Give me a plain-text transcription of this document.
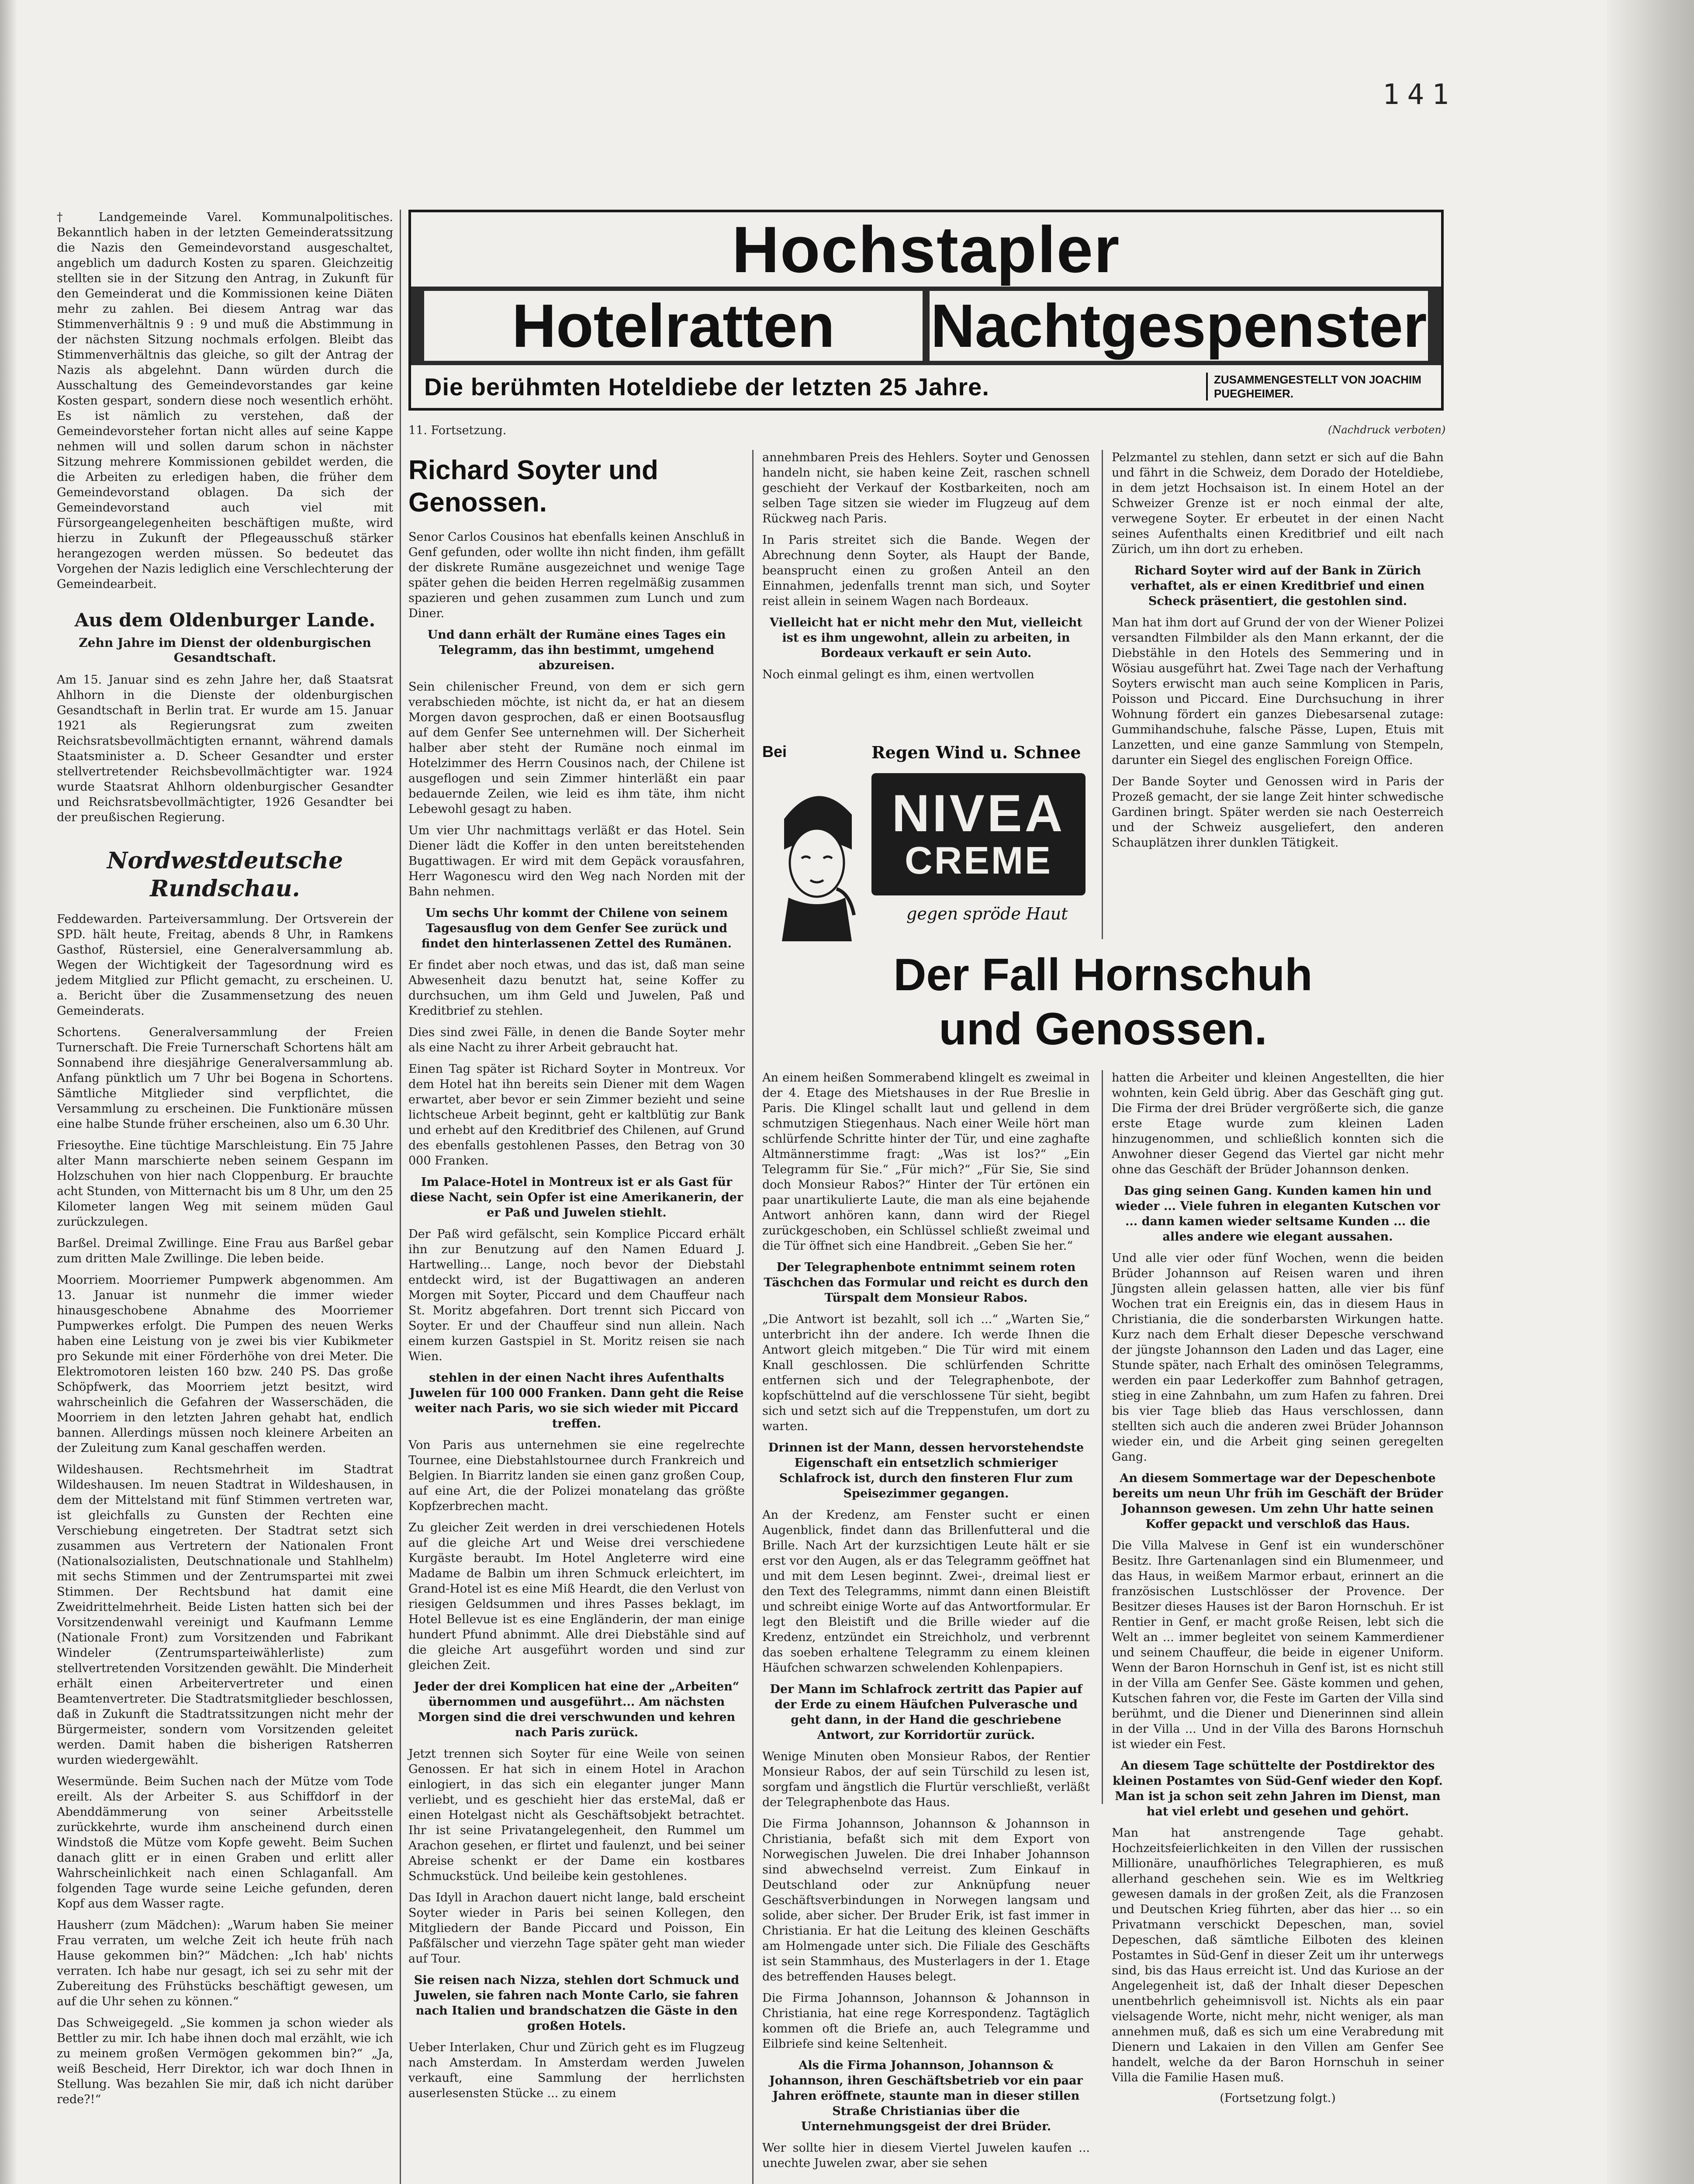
141

† Landgemeinde Varel. Kommunalpolitisches. Bekanntlich haben in der letzten Gemeinderatssitzung die Nazis den Gemeindevorstand ausgeschaltet, angeblich um dadurch Kosten zu sparen. Gleichzeitig stellten sie in der Sitzung den Antrag, in Zukunft für den Gemeinderat und die Kommissionen keine Diäten mehr zu zahlen. Bei diesem Antrag war das Stimmenverhältnis 9 : 9 und muß die Abstimmung in der nächsten Sitzung nochmals erfolgen. Bleibt das Stimmenverhältnis das gleiche, so gilt der Antrag der Nazis als abgelehnt. Dann würden durch die Ausschaltung des Gemeindevorstandes gar keine Kosten gespart, sondern diese noch wesentlich erhöht. Es ist nämlich zu verstehen, daß der Gemeindevorsteher fortan nicht alles auf seine Kappe nehmen will und sollen darum schon in nächster Sitzung mehrere Kommissionen gebildet werden, die die Arbeiten zu erledigen haben, die früher dem Gemeindevorstand oblagen. Da sich der Gemeindevorstand auch viel mit Fürsorgeangelegenheiten beschäftigen mußte, wird hierzu in Zukunft der Pflegeausschuß stärker herangezogen werden müssen. So bedeutet das Vorgehen der Nazis lediglich eine Verschlechterung der Gemeindearbeit.

Aus dem Oldenburger Lande.
Zehn Jahre im Dienst der oldenburgischen Gesandtschaft.

Am 15. Januar sind es zehn Jahre her, daß Staatsrat Ahlhorn in die Dienste der oldenburgischen Gesandtschaft in Berlin trat. Er wurde am 15. Januar 1921 als Regierungsrat zum zweiten Reichsratsbevollmächtigten ernannt, während damals Staatsminister a. D. Scheer Gesandter und erster stellvertretender Reichsbevollmächtigter war. 1924 wurde Staatsrat Ahlhorn oldenburgischer Gesandter und Reichsratsbevollmächtigter, 1926 Gesandter bei der preußischen Regierung.

Nordwestdeutsche Rundschau.

Feddewarden. Parteiversammlung. Der Ortsverein der SPD. hält heute, Freitag, abends 8 Uhr, in Ramkens Gasthof, Rüstersiel, eine Generalversammlung ab. Wegen der Wichtigkeit der Tagesordnung wird es jedem Mitglied zur Pflicht gemacht, zu erscheinen. U. a. Bericht über die Zusammensetzung des neuen Gemeinderats.

Schortens. Generalversammlung der Freien Turnerschaft. Die Freie Turnerschaft Schortens hält am Sonnabend ihre diesjährige Generalversammlung ab. Anfang pünktlich um 7 Uhr bei Bogena in Schortens. Sämtliche Mitglieder sind verpflichtet, die Versammlung zu erscheinen. Die Funktionäre müssen eine halbe Stunde früher erscheinen, also um 6.30 Uhr.

Friesoythe. Eine tüchtige Marschleistung. Ein 75 Jahre alter Mann marschierte neben seinem Gespann im Holzschuhen von hier nach Cloppenburg. Er brauchte acht Stunden, von Mitternacht bis um 8 Uhr, um den 25 Kilometer langen Weg mit seinem müden Gaul zurückzulegen.

Barßel. Dreimal Zwillinge. Eine Frau aus Barßel gebar zum dritten Male Zwillinge. Die leben beide.

Moorriem. Moorriemer Pumpwerk abgenommen. Am 13. Januar ist nunmehr die immer wieder hinausgeschobene Abnahme des Moorriemer Pumpwerkes erfolgt. Die Pumpen des neuen Werks haben eine Leistung von je zwei bis vier Kubikmeter pro Sekunde mit einer Förderhöhe von drei Meter. Die Elektromotoren leisten 160 bzw. 240 PS. Das große Schöpfwerk, das Moorriem jetzt besitzt, wird wahrscheinlich die Gefahren der Wasserschäden, die Moorriem in den letzten Jahren gehabt hat, endlich bannen. Allerdings müssen noch kleinere Arbeiten an der Zuleitung zum Kanal geschaffen werden.

Wildeshausen. Rechtsmehrheit im Stadtrat Wildeshausen. Im neuen Stadtrat in Wildeshausen, in dem der Mittelstand mit fünf Stimmen vertreten war, ist gleichfalls zu Gunsten der Rechten eine Verschiebung eingetreten. Der Stadtrat setzt sich zusammen aus Vertretern der Nationalen Front (Nationalsozialisten, Deutschnationale und Stahlhelm) mit sechs Stimmen und der Zentrumspartei mit zwei Stimmen. Der Rechtsbund hat damit eine Zweidrittelmehrheit. Beide Listen hatten sich bei der Vorsitzendenwahl vereinigt und Kaufmann Lemme (Nationale Front) zum Vorsitzenden und Fabrikant Windeler (Zentrumsparteiwählerliste) zum stellvertretenden Vorsitzenden gewählt. Die Minderheit erhält einen Arbeitervertreter und einen Beamtenvertreter. Die Stadtratsmitglieder beschlossen, daß in Zukunft die Stadtratssitzungen nicht mehr der Bürgermeister, sondern vom Vorsitzenden geleitet werden. Damit haben die bisherigen Ratsherren wurden wiedergewählt.

Wesermünde. Beim Suchen nach der Mütze vom Tode ereilt. Als der Arbeiter S. aus Schiffdorf in der Abenddämmerung von seiner Arbeitsstelle zurückkehrte, wurde ihm anscheinend durch einen Windstoß die Mütze vom Kopfe geweht. Beim Suchen danach glitt er in einen Graben und erlitt aller Wahrscheinlichkeit nach einen Schlaganfall. Am folgenden Tage wurde seine Leiche gefunden, deren Kopf aus dem Wasser ragte.

Hausherr (zum Mädchen): „Warum haben Sie meiner Frau verraten, um welche Zeit ich heute früh nach Hause gekommen bin?“ Mädchen: „Ich hab' nichts verraten. Ich habe nur gesagt, ich sei zu sehr mit der Zubereitung des Frühstücks beschäftigt gewesen, um auf die Uhr sehen zu können.“

Das Schweigegeld. „Sie kommen ja schon wieder als Bettler zu mir. Ich habe ihnen doch mal erzählt, wie ich zu meinem großen Vermögen gekommen bin?“ „Ja, weiß Bescheid, Herr Direktor, ich war doch Ihnen in Stellung. Was bezahlen Sie mir, daß ich nicht darüber rede?!“

Hochstapler
Hotelratten Nachtgespenster
Die berühmten Hoteldiebe der letzten 25 Jahre.	ZUSAMMENGESTELLT VON JOACHIM PUEGHEIMER.
11. Fortsetzung.	(Nachdruck verboten)
Richard Soyter und Genossen.

Senor Carlos Cousinos hat ebenfalls keinen Anschluß in Genf gefunden, oder wollte ihn nicht finden, ihm gefällt der diskrete Rumäne ausgezeichnet und wenige Tage später gehen die beiden Herren regelmäßig zusammen spazieren und gehen zusammen zum Lunch und zum Diner.

Und dann erhält der Rumäne eines Tages ein Telegramm, das ihn bestimmt, umgehend abzureisen.

Sein chilenischer Freund, von dem er sich gern verabschieden möchte, ist nicht da, er hat an diesem Morgen davon gesprochen, daß er einen Bootsausflug auf dem Genfer See unternehmen will. Der Sicherheit halber aber steht der Rumäne noch einmal im Hotelzimmer des Herrn Cousinos nach, der Chilene ist ausgeflogen und sein Zimmer hinterläßt ein paar bedauernde Zeilen, wie leid es ihm täte, ihm nicht Lebewohl gesagt zu haben.

Um vier Uhr nachmittags verläßt er das Hotel. Sein Diener lädt die Koffer in den unten bereitstehenden Bugattiwagen. Er wird mit dem Gepäck vorausfahren, Herr Wagonescu wird den Weg nach Norden mit der Bahn nehmen.

Um sechs Uhr kommt der Chilene von seinem Tagesausflug von dem Genfer See zurück und findet den hinterlassenen Zettel des Rumänen.

Er findet aber noch etwas, und das ist, daß man seine Abwesenheit dazu benutzt hat, seine Koffer zu durchsuchen, um ihm Geld und Juwelen, Paß und Kreditbrief zu stehlen.

Dies sind zwei Fälle, in denen die Bande Soyter mehr als eine Nacht zu ihrer Arbeit gebraucht hat.

Einen Tag später ist Richard Soyter in Montreux. Vor dem Hotel hat ihn bereits sein Diener mit dem Wagen erwartet, aber bevor er sein Zimmer bezieht und seine lichtscheue Arbeit beginnt, geht er kaltblütig zur Bank und erhebt auf den Kreditbrief des Chilenen, auf Grund des ebenfalls gestohlenen Passes, den Betrag von 30 000 Franken.

Im Palace-Hotel in Montreux ist er als Gast für diese Nacht, sein Opfer ist eine Amerikanerin, der er Paß und Juwelen stiehlt.

Der Paß wird gefälscht, sein Komplice Piccard erhält ihn zur Benutzung auf den Namen Eduard J. Hartwelling... Lange, noch bevor der Diebstahl entdeckt wird, ist der Bugattiwagen an anderen Morgen mit Soyter, Piccard und dem Chauffeur nach St. Moritz abgefahren. Dort trennt sich Piccard von Soyter. Er und der Chauffeur sind nun allein. Nach einem kurzen Gastspiel in St. Moritz reisen sie nach Wien.

stehlen in der einen Nacht ihres Aufenthalts Juwelen für 100 000 Franken. Dann geht die Reise weiter nach Paris, wo sie sich wieder mit Piccard treffen.

Von Paris aus unternehmen sie eine regelrechte Tournee, eine Diebstahlstournee durch Frankreich und Belgien. In Biarritz landen sie einen ganz großen Coup, auf eine Art, die der Polizei monatelang das größte Kopfzerbrechen macht.

Zu gleicher Zeit werden in drei verschiedenen Hotels auf die gleiche Art und Weise drei verschiedene Kurgäste beraubt. Im Hotel Angleterre wird eine Madame de Balbin um ihren Schmuck erleichtert, im Grand-Hotel ist es eine Miß Heardt, die den Verlust von riesigen Geldsummen und ihres Passes beklagt, im Hotel Bellevue ist es eine Engländerin, der man einige hundert Pfund abnimmt. Alle drei Diebstähle sind auf die gleiche Art ausgeführt worden und sind zur gleichen Zeit.

Jeder der drei Komplicen hat eine der „Arbeiten“ übernommen und ausgeführt... Am nächsten Morgen sind die drei verschwunden und kehren nach Paris zurück.

Jetzt trennen sich Soyter für eine Weile von seinen Genossen. Er hat sich in einem Hotel in Arachon einlogiert, in das sich ein eleganter junger Mann verliebt, und es geschieht hier das ersteMal, daß er einen Hotelgast nicht als Geschäftsobjekt betrachtet. Ihr ist seine Privatangelegenheit, den Rummel um Arachon gesehen, er flirtet und faulenzt, und bei seiner Abreise schenkt er der Dame ein kostbares Schmuckstück. Und beileibe kein gestohlenes.

Das Idyll in Arachon dauert nicht lange, bald erscheint Soyter wieder in Paris bei seinen Kollegen, den Mitgliedern der Bande Piccard und Poisson, Ein Paßfälscher und vierzehn Tage später geht man wieder auf Tour.

Sie reisen nach Nizza, stehlen dort Schmuck und Juwelen, sie fahren nach Monte Carlo, sie fahren nach Italien und brandschatzen die Gäste in den großen Hotels.

Ueber Interlaken, Chur und Zürich geht es im Flugzeug nach Amsterdam. In Amsterdam werden Juwelen verkauft, eine Sammlung der herrlichsten auserlesensten Stücke ... zu einem

annehmbaren Preis des Hehlers. Soyter und Genossen handeln nicht, sie haben keine Zeit, raschen schnell geschieht der Verkauf der Kostbarkeiten, noch am selben Tage sitzen sie wieder im Flugzeug auf dem Rückweg nach Paris.

In Paris streitet sich die Bande. Wegen der Abrechnung denn Soyter, als Haupt der Bande, beansprucht einen zu großen Anteil an den Einnahmen, jedenfalls trennt man sich, und Soyter reist allein in seinem Wagen nach Bordeaux.

Vielleicht hat er nicht mehr den Mut, vielleicht ist es ihm ungewohnt, allein zu arbeiten, in Bordeaux verkauft er sein Auto.

Noch einmal gelingt es ihm, einen wertvollen

Bei	Regen Wind u. Schnee
NIVEA
CREME
gegen spröde Haut

Pelzmantel zu stehlen, dann setzt er sich auf die Bahn und fährt in die Schweiz, dem Dorado der Hoteldiebe, in dem jetzt Hochsaison ist. In einem Hotel an der Schweizer Grenze ist er noch einmal der alte, verwegene Soyter. Er erbeutet in der einen Nacht seines Aufenthalts einen Kreditbrief und eilt nach Zürich, um ihn dort zu erheben.

Richard Soyter wird auf der Bank in Zürich verhaftet, als er einen Kreditbrief und einen Scheck präsentiert, die gestohlen sind.

Man hat ihm dort auf Grund der von der Wiener Polizei versandten Filmbilder als den Mann erkannt, der die Diebstähle in den Hotels des Semmering und in Wösiau ausgeführt hat. Zwei Tage nach der Verhaftung Soyters erwischt man auch seine Komplicen in Paris, Poisson und Piccard. Eine Durchsuchung in ihrer Wohnung fördert ein ganzes Diebesarsenal zutage: Gummihandschuhe, falsche Pässe, Lupen, Etuis mit Lanzetten, und eine ganze Sammlung von Stempeln, darunter ein Siegel des englischen Foreign Office.

Der Bande Soyter und Genossen wird in Paris der Prozeß gemacht, der sie lange Zeit hinter schwedische Gardinen bringt. Später werden sie nach Oesterreich und der Schweiz ausgeliefert, den anderen Schauplätzen ihrer dunklen Tätigkeit.

Der Fall Hornschuh
und Genossen.

An einem heißen Sommerabend klingelt es zweimal in der 4. Etage des Mietshauses in der Rue Breslie in Paris. Die Klingel schallt laut und gellend in dem schmutzigen Stiegenhaus. Nach einer Weile hört man schlürfende Schritte hinter der Tür, und eine zaghafte Altmännerstimme fragt: „Was ist los?“ „Ein Telegramm für Sie.“ „Für mich?“ „Für Sie, Sie sind doch Monsieur Rabos?“ Hinter der Tür ertönen ein paar unartikulierte Laute, die man als eine bejahende Antwort anhören kann, dann wird der Riegel zurückgeschoben, ein Schlüssel schließt zweimal und die Tür öffnet sich eine Handbreit. „Geben Sie her.“

Der Telegraphenbote entnimmt seinem roten Täschchen das Formular und reicht es durch den Türspalt dem Monsieur Rabos.

„Die Antwort ist bezahlt, soll ich ...“ „Warten Sie,“ unterbricht ihn der andere. Ich werde Ihnen die Antwort gleich mitgeben.“ Die Tür wird mit einem Knall geschlossen. Die schlürfenden Schritte entfernen sich und der Telegraphenbote, der kopfschüttelnd auf die verschlossene Tür sieht, begibt sich und setzt sich auf die Treppenstufen, um dort zu warten.

Drinnen ist der Mann, dessen hervorstehendste Eigenschaft ein entsetzlich schmieriger Schlafrock ist, durch den finsteren Flur zum Speisezimmer gegangen.

An der Kredenz, am Fenster sucht er einen Augenblick, findet dann das Brillenfutteral und die Brille. Nach Art der kurzsichtigen Leute hält er sie erst vor den Augen, als er das Telegramm geöffnet hat und mit dem Lesen beginnt. Zwei-, dreimal liest er den Text des Telegramms, nimmt dann einen Bleistift und schreibt einige Worte auf das Antwortformular. Er legt den Bleistift und die Brille wieder auf die Kredenz, entzündet ein Streichholz, und verbrennt das soeben erhaltene Telegramm zu einem kleinen Häufchen schwarzen schwelenden Kohlenpapiers.

Der Mann im Schlafrock zertritt das Papier auf der Erde zu einem Häufchen Pulverasche und geht dann, in der Hand die geschriebene Antwort, zur Korridortür zurück.

Wenige Minuten oben Monsieur Rabos, der Rentier Monsieur Rabos, der auf sein Türschild zu lesen ist, sorgfam und ängstlich die Flurtür verschließt, verläßt der Telegraphenbote das Haus.

Die Firma Johannson, Johannson & Johannson in Christiania, befaßt sich mit dem Export von Norwegischen Juwelen. Die drei Inhaber Johannson sind abwechselnd verreist. Zum Einkauf in Deutschland oder zur Anknüpfung neuer Geschäftsverbindungen in Norwegen langsam und solide, aber sicher. Der Bruder Erik, ist fast immer in Christiania. Er hat die Leitung des kleinen Geschäfts am Holmengade unter sich. Die Filiale des Geschäfts ist sein Stammhaus, des Musterlagers in der 1. Etage des betreffenden Hauses belegt.

Die Firma Johannson, Johannson & Johannson in Christiania, hat eine rege Korrespondenz. Tagtäglich kommen oft die Briefe an, auch Telegramme und Eilbriefe sind keine Seltenheit.

Als die Firma Johannson, Johannson & Johannson, ihren Geschäftsbetrieb vor ein paar Jahren eröffnete, staunte man in dieser stillen Straße Christianias über die Unternehmungsgeist der drei Brüder.

Wer sollte hier in diesem Viertel Juwelen kaufen ... unechte Juwelen zwar, aber sie sehen

hatten die Arbeiter und kleinen Angestellten, die hier wohnten, kein Geld übrig. Aber das Geschäft ging gut. Die Firma der drei Brüder vergrößerte sich, die ganze erste Etage wurde zum kleinen Laden hinzugenommen, und schließlich konnten sich die Anwohner dieser Gegend das Viertel gar nicht mehr ohne das Geschäft der Brüder Johannson denken.

Das ging seinen Gang. Kunden kamen hin und wieder ... Viele fuhren in eleganten Kutschen vor ... dann kamen wieder seltsame Kunden ... die alles andere wie elegant aussahen.

Und alle vier oder fünf Wochen, wenn die beiden Brüder Johannson auf Reisen waren und ihren Jüngsten allein gelassen hatten, alle vier bis fünf Wochen trat ein Ereignis ein, das in diesem Haus in Christiania, die die sonderbarsten Wirkungen hatte. Kurz nach dem Erhalt dieser Depesche verschwand der jüngste Johannson den Laden und das Lager, eine Stunde später, nach Erhalt des ominösen Telegramms, werden ein paar Lederkoffer zum Bahnhof getragen, stieg in eine Zahnbahn, um zum Hafen zu fahren. Drei bis vier Tage blieb das Haus verschlossen, dann stellten sich auch die anderen zwei Brüder Johannson wieder ein, und die Arbeit ging seinen geregelten Gang.

An diesem Sommertage war der Depeschenbote bereits um neun Uhr früh im Geschäft der Brüder Johannson gewesen. Um zehn Uhr hatte seinen Koffer gepackt und verschloß das Haus.

Die Villa Malvese in Genf ist ein wunderschöner Besitz. Ihre Gartenanlagen sind ein Blumenmeer, und das Haus, in weißem Marmor erbaut, erinnert an die französischen Lustschlösser der Provence. Der Besitzer dieses Hauses ist der Baron Hornschuh. Er ist Rentier in Genf, er macht große Reisen, lebt sich die Welt an ... immer begleitet von seinem Kammerdiener und seinem Chauffeur, die beide in eigener Uniform. Wenn der Baron Hornschuh in Genf ist, ist es nicht still in der Villa am Genfer See. Gäste kommen und gehen, Kutschen fahren vor, die Feste im Garten der Villa sind berühmt, und die Diener und Dienerinnen sind allein in der Villa ... Und in der Villa des Barons Hornschuh ist wieder ein Fest.

An diesem Tage schüttelte der Postdirektor des kleinen Postamtes von Süd-Genf wieder den Kopf. Man ist ja schon seit zehn Jahren im Dienst, man hat viel erlebt und gesehen und gehört.

Man hat anstrengende Tage gehabt. Hochzeitsfeierlichkeiten in den Villen der russischen Millionäre, unaufhörliches Telegraphieren, es muß allerhand geschehen sein. Wie es im Weltkrieg gewesen damals in der großen Zeit, als die Franzosen und Deutschen Krieg führten, aber das hier ... so ein Privatmann verschickt Depeschen, man, soviel Depeschen, daß sämtliche Eilboten des kleinen Postamtes in Süd-Genf in dieser Zeit um ihr unterwegs sind, bis das Haus erreicht ist. Und das Kuriose an der Angelegenheit ist, daß der Inhalt dieser Depeschen unentbehrlich geheimnisvoll ist. Nichts als ein paar vielsagende Worte, nicht mehr, nicht weniger, als man annehmen muß, daß es sich um eine Verabredung mit Dienern und Lakaien in den Villen am Genfer See handelt, welche da der Baron Hornschuh in seiner Villa die Familie Hasen muß.

(Fortsetzung folgt.)
